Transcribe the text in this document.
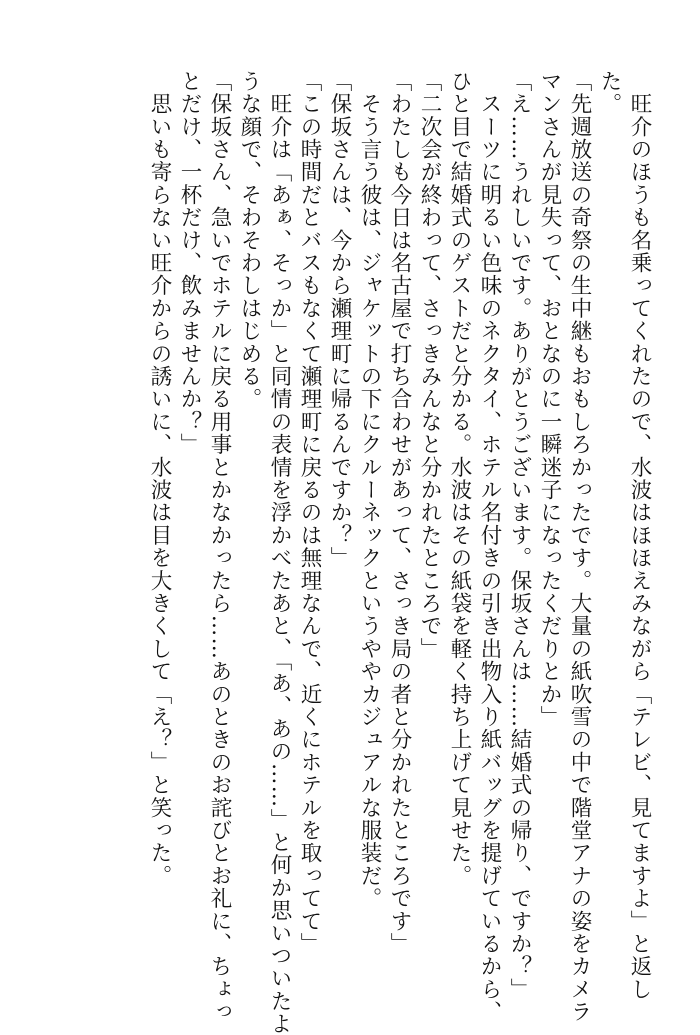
　旺介のほうも名乗ってくれたので、水波はほほえみながら「テレビ、見てますよ」と返し
た。
「先週放送の奇祭の生中継もおもしろかったです。大量の紙吹雪の中で階堂アナの姿をカメラ
マンさんが見失って、おとなのに一瞬迷子になったくだりとか」
「え……うれしいです。ありがとうございます。保坂さんは……結婚式の帰り、ですか？」
　スーツに明るい色味のネクタイ、ホテル名付きの引き出物入り紙バッグを提げているから、
ひと目で結婚式のゲストだと分かる。水波はその紙袋を軽く持ち上げて見せた。
「二次会が終わって、さっきみんなと分かれたところで」
「わたしも今日は名古屋で打ち合わせがあって、さっき局の者と分かれたところです」
　そう言う彼は、ジャケットの下にクルーネックというややカジュアルな服装だ。
「保坂さんは、今から瀬理町に帰るんですか？」
「この時間だとバスもなくて瀬理町に戻るのは無理なんで、近くにホテルを取ってて」
　旺介は「あぁ、そっか」と同情の表情を浮かべたあと、「あ、あの……」と何か思いついたよ
うな顔で、そわそわしはじめる。
「保坂さん、急いでホテルに戻る用事とかなかったら……あのときのお詫びとお礼に、ちょっ
とだけ、一杯だけ、飲みませんか？」
　思いも寄らない旺介からの誘いに、水波は目を大きくして「え？」と笑った。
